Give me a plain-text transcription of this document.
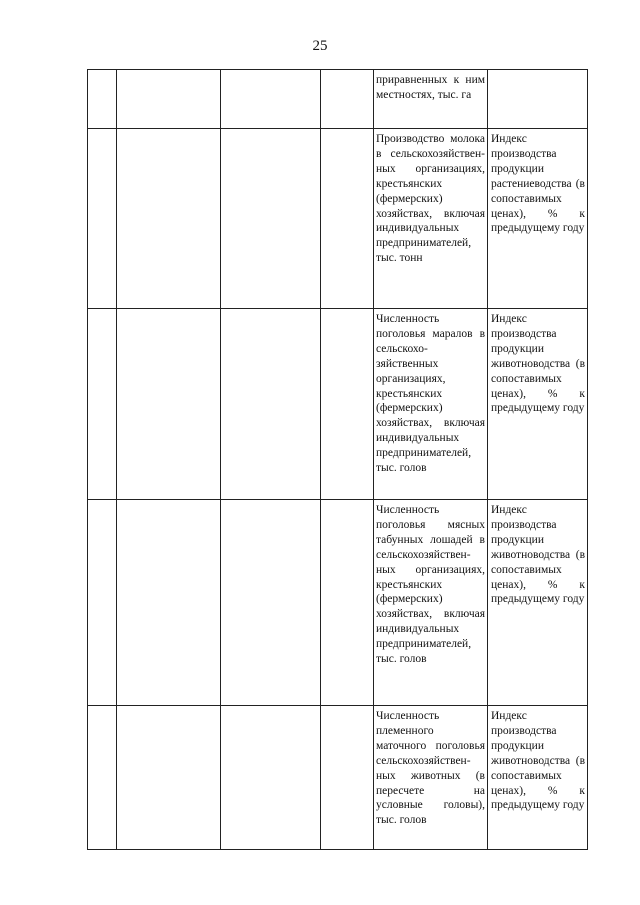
25
				приравненных к ним местностях, тыс. га	
				Производство молока в сельскохозяйствен-ных организациях, крестьянских (фермерских) хозяйствах, включая индивидуальных предпринимателей, тыс. тонн	Индекс производства продукции растениеводства (в сопоставимых ценах), % к предыдущему году
				Численность поголовья маралов в сельскохо-зяйственных организациях, крестьянских (фермерских) хозяйствах, включая индивидуальных предпринимателей, тыс. голов	Индекс производства продукции животноводства (в сопоставимых ценах), % к предыдущему году
				Численность поголовья мясных табунных лошадей в сельскохозяйствен-ных организациях, крестьянских (фермерских) хозяйствах, включая индивидуальных предпринимателей, тыс. голов	Индекс производства продукции животноводства (в сопоставимых ценах), % к предыдущему году
				Численность племенного маточного поголовья сельскохозяйствен-ных животных (в пересчете на условные головы), тыс. голов	Индекс производства продукции животноводства (в сопоставимых ценах), % к предыдущему году
